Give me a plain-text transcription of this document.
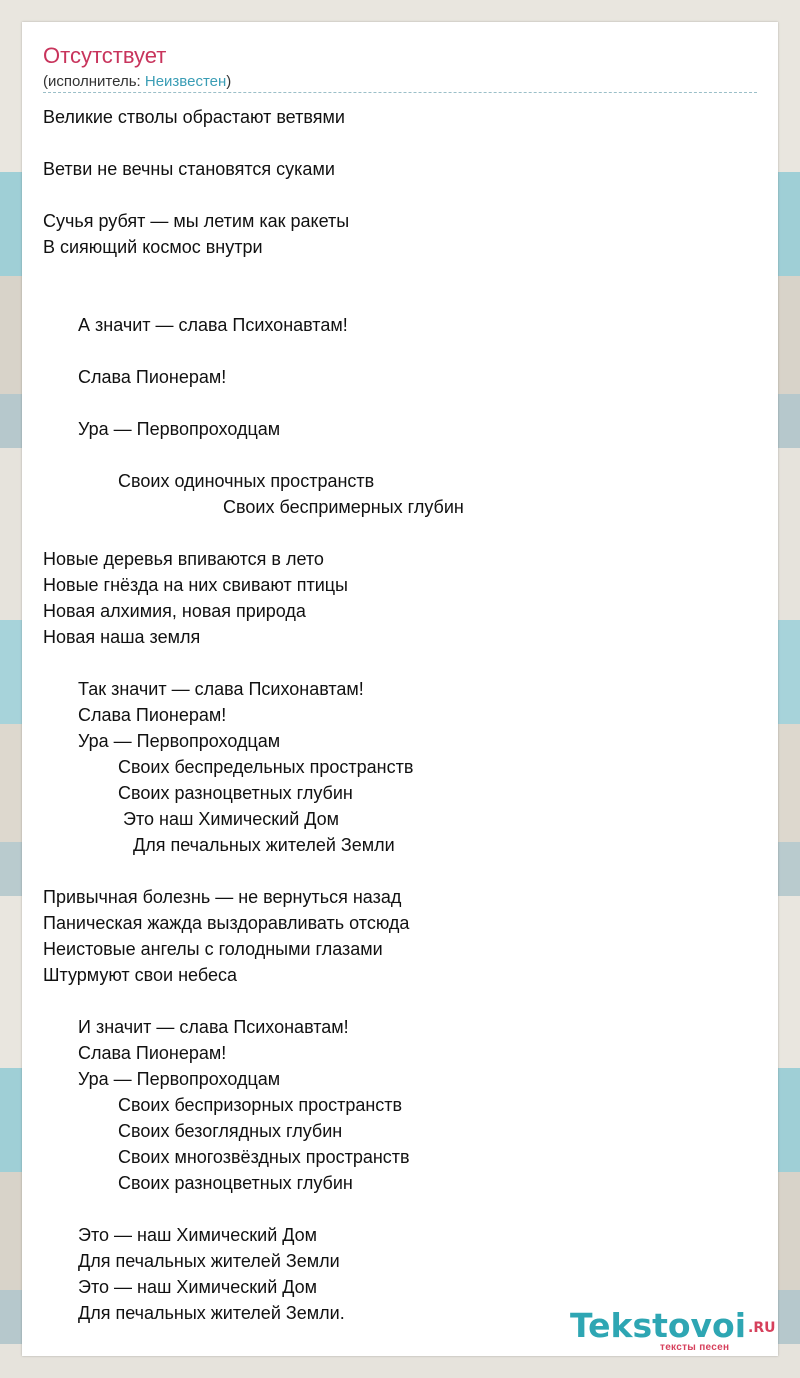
Отсутствует
(исполнитель: Неизвестен)
Великие стволы обрастают ветвями
Ветви не вечны становятся суками
Сучья рубят — мы летим как ракеты
В сияющий космос внутри
А значит — слава Психонавтам!
Слава Пионерам!
Ура — Первопроходцам
Своих одиночных пространств
Своих беспримерных глубин
Новые деревья впиваются в лето
Новые гнёзда на них свивают птицы
Новая алхимия, новая природа
Новая наша земля
Так значит — слава Психонавтам!
Слава Пионерам!
Ура — Первопроходцам
Своих беспредельных пространств
Своих разноцветных глубин
Это наш Химический Дом
Для печальных жителей Земли
Привычная болезнь — не вернуться назад
Паническая жажда выздоравливать отсюда
Неистовые ангелы с голодными глазами
Штурмуют свои небеса
И значит — слава Психонавтам!
Слава Пионерам!
Ура — Первопроходцам
Своих беспризорных пространств
Своих безоглядных глубин
Своих многозвёздных пространств
Своих разноцветных глубин
Это — наш Химический Дом
Для печальных жителей Земли
Это — наш Химический Дом
Для печальных жителей Земли.	Tekstovoi .RU
тексты песен
